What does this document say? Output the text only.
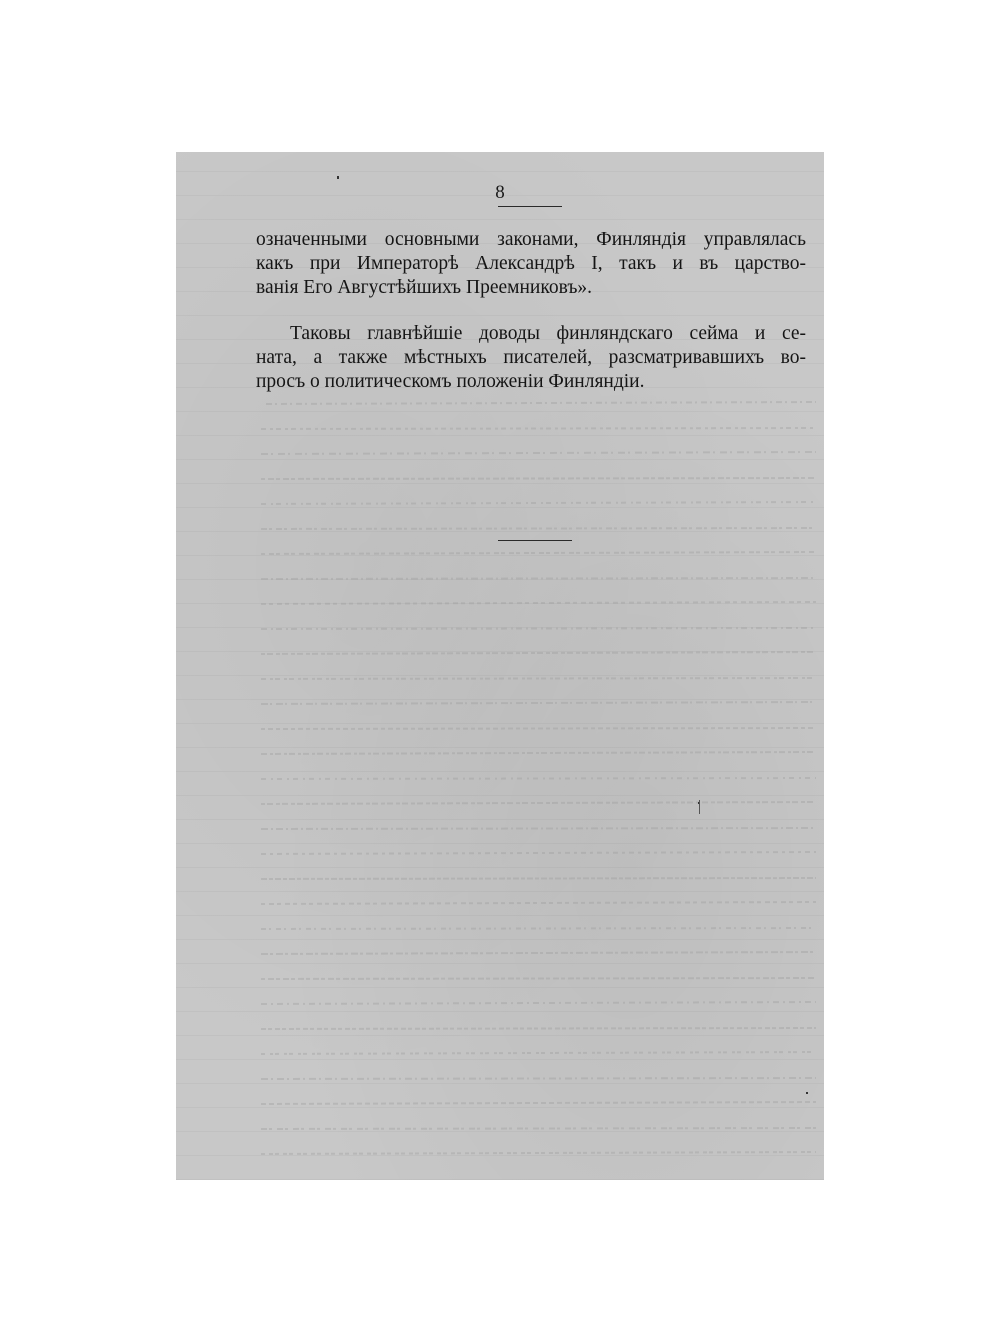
8

означенными основными законами, Финляндія управлялась
какъ при Императорѣ Александрѣ I, такъ и въ царство-
ванія Его Августѣйшихъ Преемниковъ».
Таковы главнѣйшіе доводы финляндскаго сейма и се-
ната, а также мѣстныхъ писателей, разсматривавшихъ во-
просъ о политическомъ положеніи Финляндіи.
